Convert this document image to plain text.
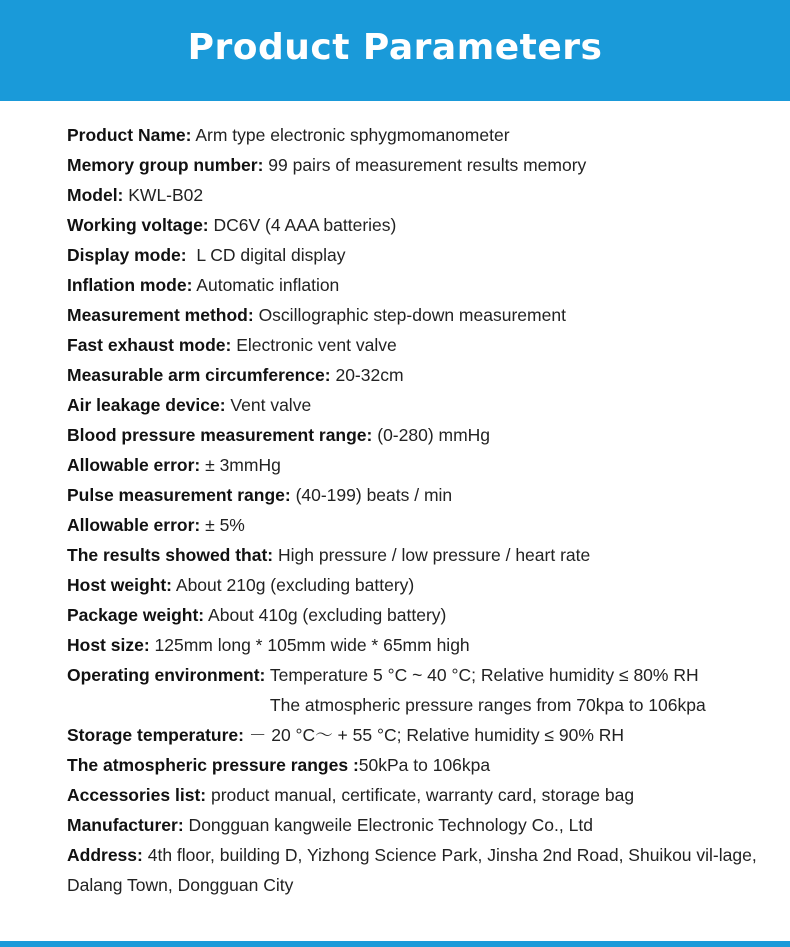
Product Parameters
Product Name: Arm type electronic sphygmomanometer
Memory group number: 99 pairs of measurement results memory
Model: KWL-B02
Working voltage: DC6V (4 AAA batteries)
Display mode: L CD digital display
Inflation mode: Automatic inflation
Measurement method: Oscillographic step-down measurement
Fast exhaust mode: Electronic vent valve
Measurable arm circumference: 20-32cm
Air leakage device: Vent valve
Blood pressure measurement range: (0-280) mmHg
Allowable error: ± 3mmHg
Pulse measurement range: (40-199) beats / min
Allowable error: ± 5%
The results showed that: High pressure / low pressure / heart rate
Host weight: About 210g (excluding battery)
Package weight: About 410g (excluding battery)
Host size: 125mm long * 105mm wide * 65mm high
Operating environment: Temperature 5 °C ~ 40 °C; Relative humidity ≤ 80% RH
The atmospheric pressure ranges from 70kpa to 106kpa
Storage temperature: － 20 °C～ + 55 °C; Relative humidity ≤ 90% RH
The atmospheric pressure ranges : 50kPa to 106kpa
Accessories list: product manual, certificate, warranty card, storage bag
Manufacturer: Dongguan kangweile Electronic Technology Co., Ltd
Address: 4th floor, building D, Yizhong Science Park, Jinsha 2nd Road, Shuikou vil-lage, Dalang Town, Dongguan City
